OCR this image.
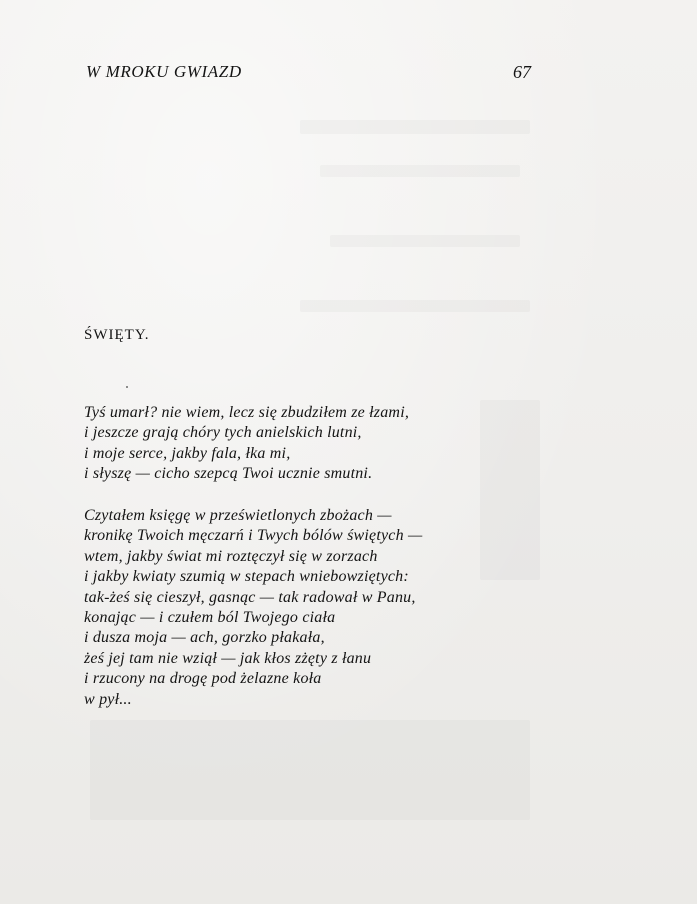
W MROKU GWIAZD	67
ŚWIĘTY.
Tyś umarł? nie wiem, lecz się zbudziłem ze łzami,
i jeszcze grają chóry tych anielskich lutni,
i moje serce, jakby fala, łka mi,
i słyszę — cicho szepcą Twoi ucznie smutni.
Czytałem księgę w prześwietlonych zbożach —
kronikę Twoich męczarń i Twych bólów świętych —
wtem, jakby świat mi roztęczył się w zorzach
i jakby kwiaty szumią w stepach wniebowziętych:
tak-żeś się cieszył, gasnąc — tak radował w Panu,
konając — i czułem ból Twojego ciała
i dusza moja — ach, gorzko płakała,
żeś jej tam nie wziął — jak kłos zżęty z łanu
i rzucony na drogę pod żelazne koła
w pył...
